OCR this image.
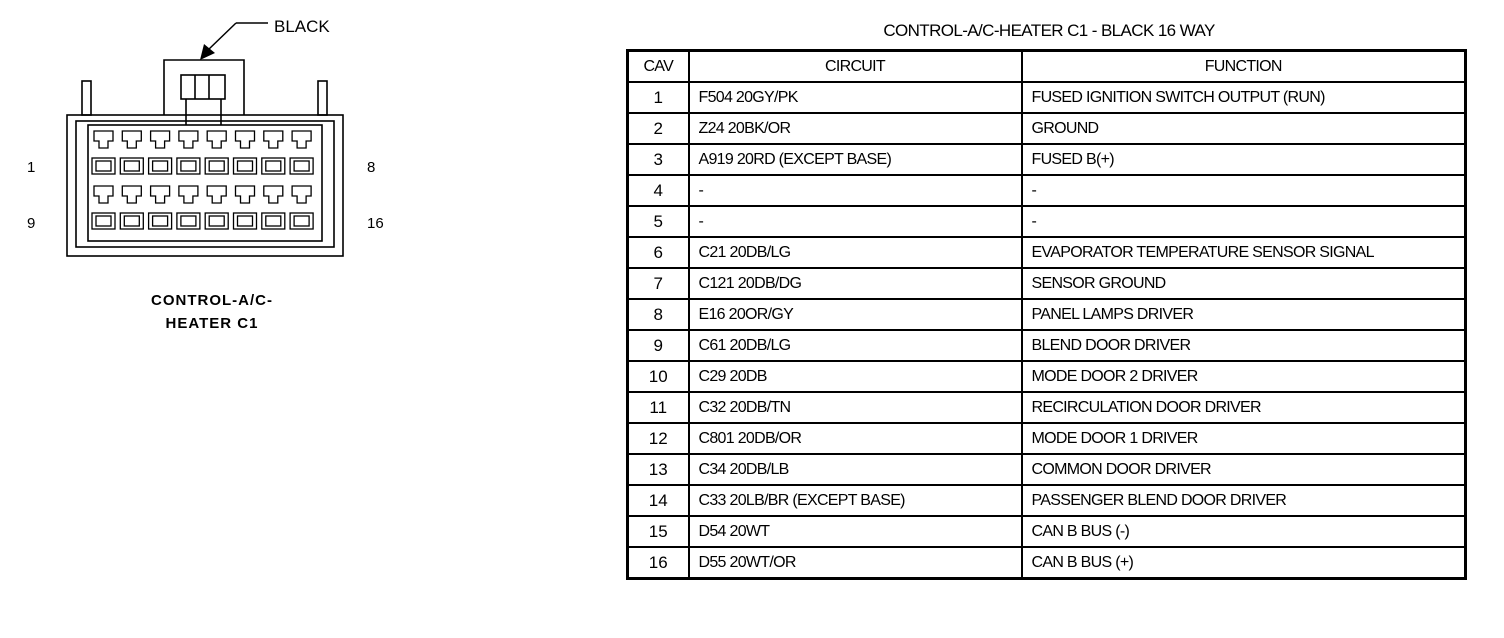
BLACK
1	8
9	16
CONTROL-A/C-
HEATER C1
CONTROL-A/C-HEATER C1 - BLACK 16 WAY
CAV	CIRCUIT	FUNCTION
1	F504 20GY/PK	FUSED IGNITION SWITCH OUTPUT (RUN)
2	Z24 20BK/OR	GROUND
3	A919 20RD (EXCEPT BASE)	FUSED B(+)
4	-	-
5	-	-
6	C21 20DB/LG	EVAPORATOR TEMPERATURE SENSOR SIGNAL
7	C121 20DB/DG	SENSOR GROUND
8	E16 20OR/GY	PANEL LAMPS DRIVER
9	C61 20DB/LG	BLEND DOOR DRIVER
10	C29 20DB	MODE DOOR 2 DRIVER
11	C32 20DB/TN	RECIRCULATION DOOR DRIVER
12	C801 20DB/OR	MODE DOOR 1 DRIVER
13	C34 20DB/LB	COMMON DOOR DRIVER
14	C33 20LB/BR (EXCEPT BASE)	PASSENGER BLEND DOOR DRIVER
15	D54 20WT	CAN B BUS (-)
16	D55 20WT/OR	CAN B BUS (+)
